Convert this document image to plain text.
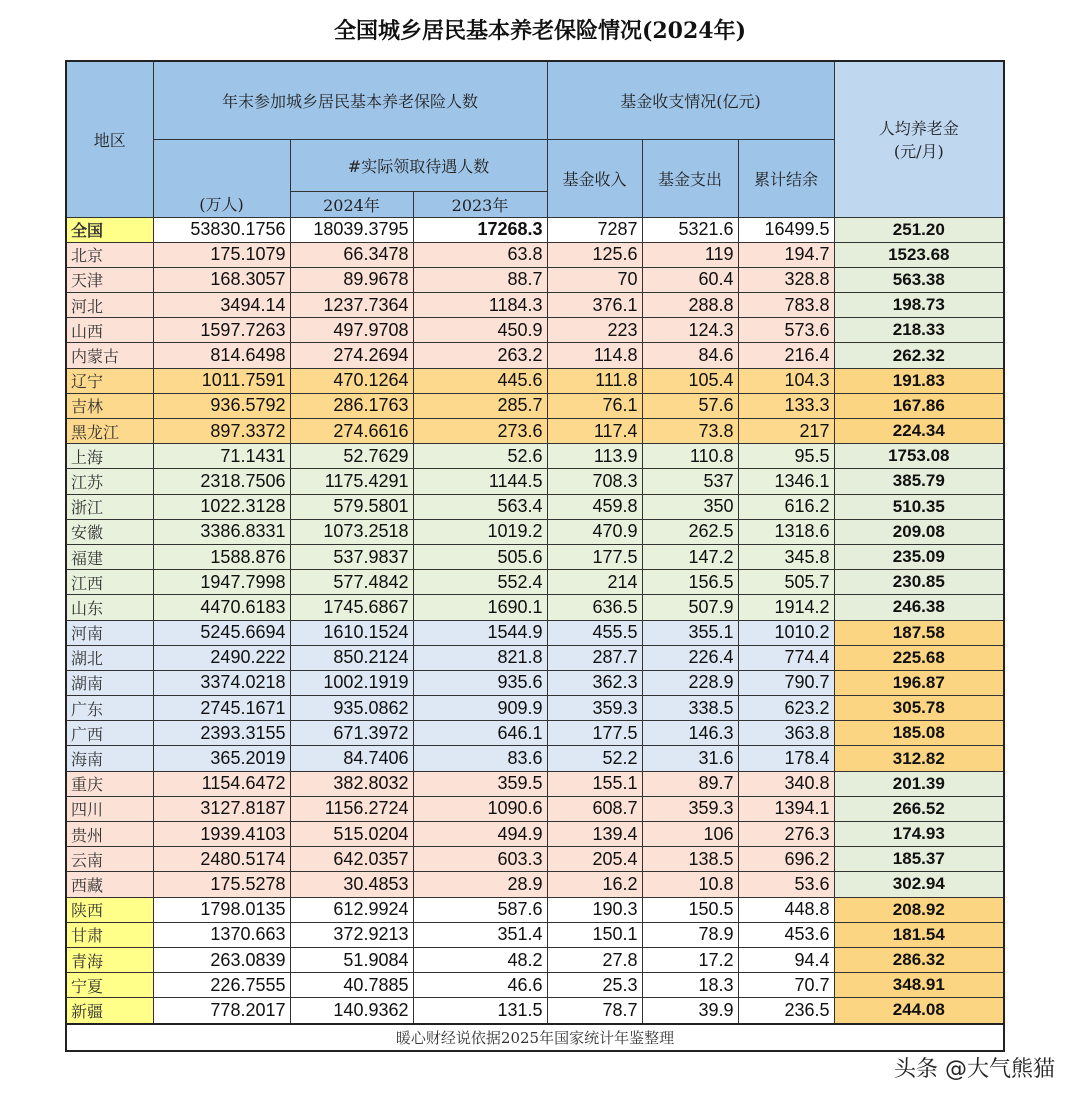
全国城乡居民基本养老保险情况(2024年)
地区	年末参加城乡居民基本养老保险人数			基金收支情况(亿元)			人均养老金
(元/月)
		#实际领取待遇人数		基金收入	基金支出	累计结余	
	(万人)	2024年	2023年				
全国	53830.1756	18039.3795	17268.3	7287	5321.6	16499.5	251.20
北京	175.1079	66.3478	63.8	125.6	119	194.7	1523.68
天津	168.3057	89.9678	88.7	70	60.4	328.8	563.38
河北	3494.14	1237.7364	1184.3	376.1	288.8	783.8	198.73
山西	1597.7263	497.9708	450.9	223	124.3	573.6	218.33
内蒙古	814.6498	274.2694	263.2	114.8	84.6	216.4	262.32
辽宁	1011.7591	470.1264	445.6	111.8	105.4	104.3	191.83
吉林	936.5792	286.1763	285.7	76.1	57.6	133.3	167.86
黑龙江	897.3372	274.6616	273.6	117.4	73.8	217	224.34
上海	71.1431	52.7629	52.6	113.9	110.8	95.5	1753.08
江苏	2318.7506	1175.4291	1144.5	708.3	537	1346.1	385.79
浙江	1022.3128	579.5801	563.4	459.8	350	616.2	510.35
安徽	3386.8331	1073.2518	1019.2	470.9	262.5	1318.6	209.08
福建	1588.876	537.9837	505.6	177.5	147.2	345.8	235.09
江西	1947.7998	577.4842	552.4	214	156.5	505.7	230.85
山东	4470.6183	1745.6867	1690.1	636.5	507.9	1914.2	246.38
河南	5245.6694	1610.1524	1544.9	455.5	355.1	1010.2	187.58
湖北	2490.222	850.2124	821.8	287.7	226.4	774.4	225.68
湖南	3374.0218	1002.1919	935.6	362.3	228.9	790.7	196.87
广东	2745.1671	935.0862	909.9	359.3	338.5	623.2	305.78
广西	2393.3155	671.3972	646.1	177.5	146.3	363.8	185.08
海南	365.2019	84.7406	83.6	52.2	31.6	178.4	312.82
重庆	1154.6472	382.8032	359.5	155.1	89.7	340.8	201.39
四川	3127.8187	1156.2724	1090.6	608.7	359.3	1394.1	266.52
贵州	1939.4103	515.0204	494.9	139.4	106	276.3	174.93
云南	2480.5174	642.0357	603.3	205.4	138.5	696.2	185.37
西藏	175.5278	30.4853	28.9	16.2	10.8	53.6	302.94
陕西	1798.0135	612.9924	587.6	190.3	150.5	448.8	208.92
甘肃	1370.663	372.9213	351.4	150.1	78.9	453.6	181.54
青海	263.0839	51.9084	48.2	27.8	17.2	94.4	286.32
宁夏	226.7555	40.7885	46.6	25.3	18.3	70.7	348.91
新疆	778.2017	140.9362	131.5	78.7	39.9	236.5	244.08
暖心财经说依据2025年国家统计年鉴整理							
头条 @大气熊猫
